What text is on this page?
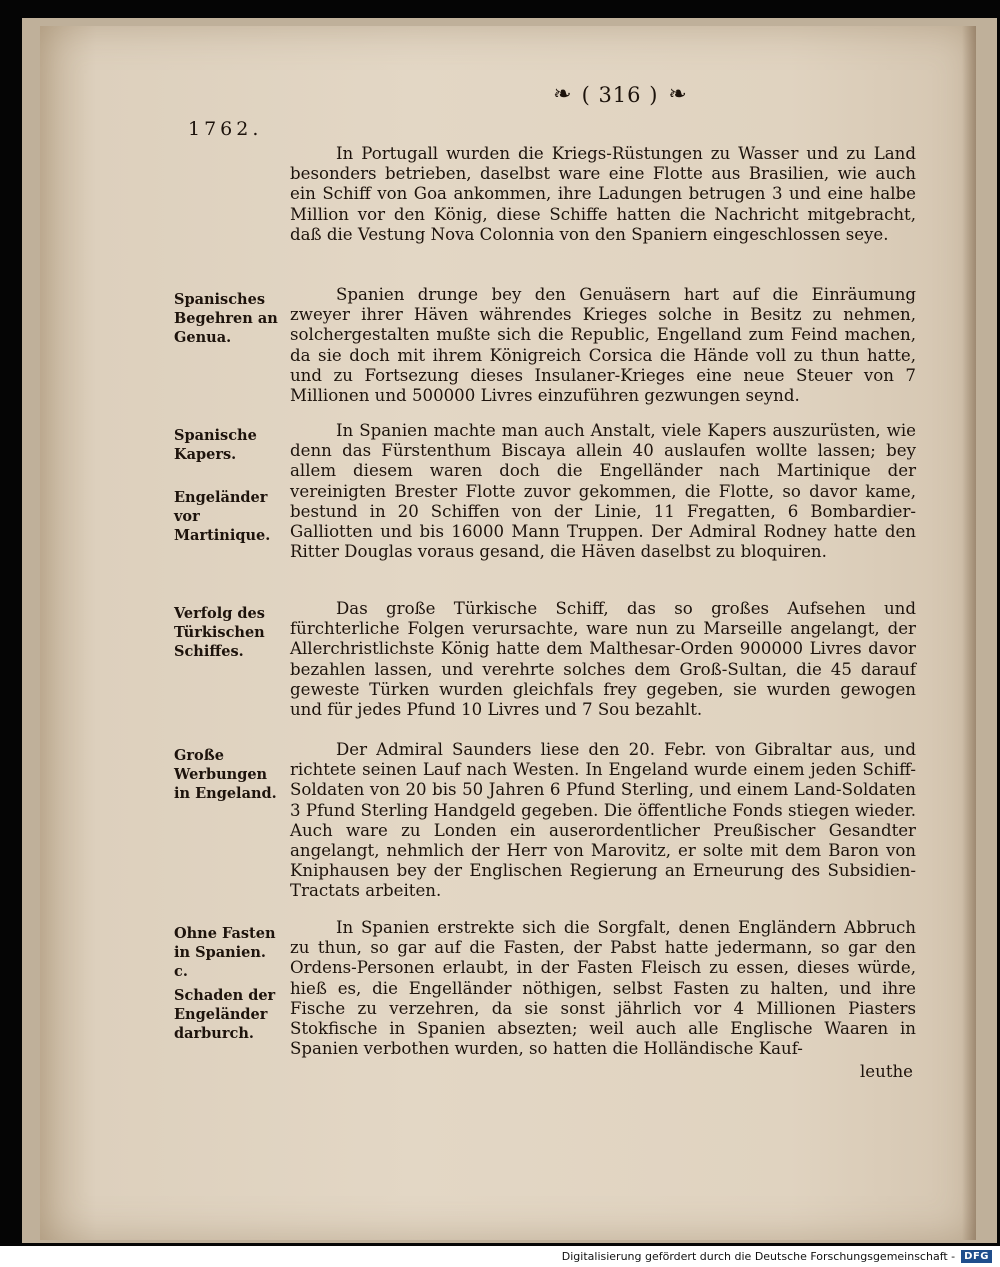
❧ ( 316 ) ❧
1762.
In Portugall wurden die Kriegs-Rüstungen zu Wasser und zu Land besonders betrieben, daselbst ware eine Flotte aus Brasilien, wie auch ein Schiff von Goa ankommen, ihre Ladungen betrugen 3 und eine halbe Million vor den König, diese Schiffe hatten die Nachricht mitgebracht, daß die Vestung Nova Colonnia von den Spaniern eingeschlossen seye.
Spanisches Begehren an Genua.
Spanien drunge bey den Genuäsern hart auf die Einräumung zweyer ihrer Häven währendes Krieges solche in Besitz zu nehmen, solchergestalten mußte sich die Republic, Engelland zum Feind machen, da sie doch mit ihrem Königreich Corsica die Hände voll zu thun hatte, und zu Fortsezung dieses Insulaner-Krieges eine neue Steuer von 7 Millionen und 500000 Livres einzuführen gezwungen seynd.
Spanische Kapers.
Engeländer vor Martinique.
In Spanien machte man auch Anstalt, viele Kapers auszurüsten, wie denn das Fürstenthum Biscaya allein 40 auslaufen wollte lassen; bey allem diesem waren doch die Engelländer nach Martinique der vereinigten Brester Flotte zuvor gekommen, die Flotte, so davor kame, bestund in 20 Schiffen von der Linie, 11 Fregatten, 6 Bombardier-Galliotten und bis 16000 Mann Truppen. Der Admiral Rodney hatte den Ritter Douglas voraus gesand, die Häven daselbst zu bloquiren.
Verfolg des Türkischen Schiffes.
Das große Türkische Schiff, das so großes Aufsehen und fürchterliche Folgen verursachte, ware nun zu Marseille angelangt, der Allerchristlichste König hatte dem Malthesar-Orden 900000 Livres davor bezahlen lassen, und verehrte solches dem Groß-Sultan, die 45 darauf geweste Türken wurden gleichfals frey gegeben, sie wurden gewogen und für jedes Pfund 10 Livres und 7 Sou bezahlt.
Große Werbungen in Engeland.
Der Admiral Saunders liese den 20. Febr. von Gibraltar aus, und richtete seinen Lauf nach Westen. In Engeland wurde einem jeden Schiff-Soldaten von 20 bis 50 Jahren 6 Pfund Sterling, und einem Land-Soldaten 3 Pfund Sterling Handgeld gegeben. Die öffentliche Fonds stiegen wieder. Auch ware zu Londen ein auserordentlicher Preußischer Gesandter angelangt, nehmlich der Herr von Marovitz, er solte mit dem Baron von Kniphausen bey der Englischen Regierung an Erneurung des Subsidien-Tractats arbeiten.
Ohne Fasten in Spanien. c.
Schaden der Engeländer darburch.
In Spanien erstrekte sich die Sorgfalt, denen Engländern Abbruch zu thun, so gar auf die Fasten, der Pabst hatte jedermann, so gar den Ordens-Personen erlaubt, in der Fasten Fleisch zu essen, dieses würde, hieß es, die Engelländer nöthigen, selbst Fasten zu halten, und ihre Fische zu verzehren, da sie sonst jährlich vor 4 Millionen Piasters Stokfische in Spanien absezten; weil auch alle Englische Waaren in Spanien verbothen wurden, so hatten die Holländische Kauf-
leuthe
Digitalisierung gefördert durch die Deutsche Forschungsgemeinschaft - DFG
